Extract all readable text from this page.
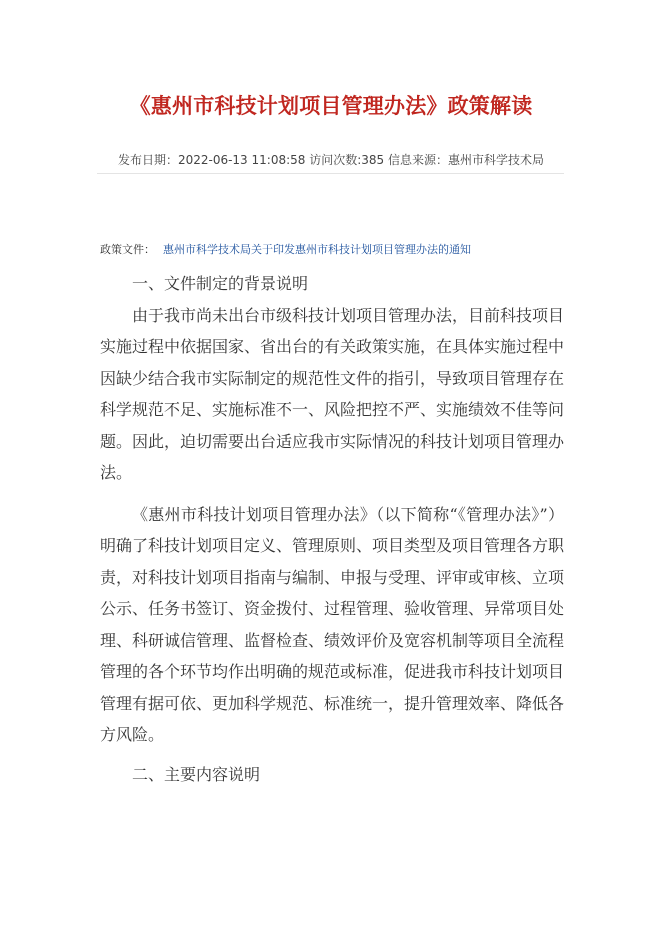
《惠州市科技计划项目管理办法》政策解读
发布日期：2022-06-13 11:08:58 访问次数:385 信息来源：惠州市科学技术局
政策文件： 惠州市科学技术局关于印发惠州市科技计划项目管理办法的通知

一、文件制定的背景说明

由于我市尚未出台市级科技计划项目管理办法，目前科技项目实施过程中依据国家、省出台的有关政策实施，在具体实施过程中因缺少结合我市实际制定的规范性文件的指引，导致项目管理存在科学规范不足、实施标准不一、风险把控不严、实施绩效不佳等问题。因此，迫切需要出台适应我市实际情况的科技计划项目管理办法。

《惠州市科技计划项目管理办法》（以下简称“《管理办法》”）明确了科技计划项目定义、管理原则、项目类型及项目管理各方职责，对科技计划项目指南与编制、申报与受理、评审或审核、立项公示、任务书签订、资金拨付、过程管理、验收管理、异常项目处理、科研诚信管理、监督检查、绩效评价及宽容机制等项目全流程管理的各个环节均作出明确的规范或标准，促进我市科技计划项目管理有据可依、更加科学规范、标准统一，提升管理效率、降低各方风险。

二、主要内容说明
